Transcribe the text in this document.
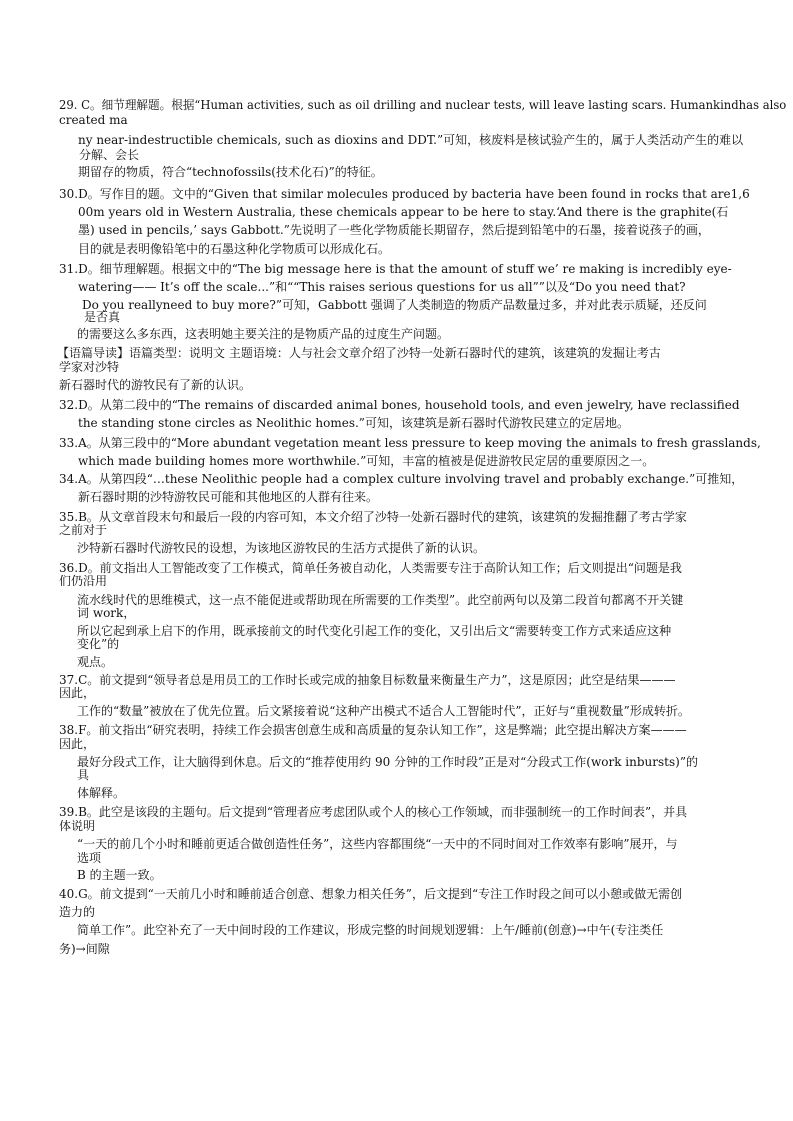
29. C。细节理解题。根据“Human activities, such as oil drilling and nuclear tests, will leave lasting scars. Humankindhas also
created ma
ny near-indestructible chemicals, such as dioxins and DDT.”可知，核废料是核试验产生的，属于人类活动产生的难以
分解、会长
期留存的物质，符合“technofossils(技术化石)”的特征。
30.D。写作目的题。文中的“Given that similar molecules produced by bacteria have been found in rocks that are1,6
00m years old in Western Australia, these chemicals appear to be here to stay.‘And there is the graphite(石
墨) used in pencils,’ says Gabbott.”先说明了一些化学物质能长期留存，然后提到铅笔中的石墨，接着说孩子的画，
目的就是表明像铅笔中的石墨这种化学物质可以形成化石。
31.D。细节理解题。根据文中的“The big message here is that the amount of stuff we’ re making is incredibly eye-
watering—— It’s off the scale...”和““This raises serious questions for us all””以及“Do you need that?
Do you reallyneed to buy more?”可知，Gabbott 强调了人类制造的物质产品数量过多，并对此表示质疑，还反问
是否真
的需要这么多东西，这表明她主要关注的是物质产品的过度生产问题。
【语篇导读】语篇类型：说明文 主题语境：人与社会文章介绍了沙特一处新石器时代的建筑，该建筑的发掘让考古
学家对沙特
新石器时代的游牧民有了新的认识。
32.D。从第二段中的“The remains of discarded animal bones, household tools, and even jewelry, have reclassified
the standing stone circles as Neolithic homes.”可知，该建筑是新石器时代游牧民建立的定居地。
33.A。从第三段中的“More abundant vegetation meant less pressure to keep moving the animals to fresh grasslands,
which made building homes more worthwhile.”可知，丰富的植被是促进游牧民定居的重要原因之一。
34.A。从第四段“…these Neolithic people had a complex culture involving travel and probably exchange.”可推知，
新石器时期的沙特游牧民可能和其他地区的人群有往来。
35.B。从文章首段末句和最后一段的内容可知，本文介绍了沙特一处新石器时代的建筑，该建筑的发掘推翻了考古学家
之前对于
沙特新石器时代游牧民的设想，为该地区游牧民的生活方式提供了新的认识。
36.D。前文指出人工智能改变了工作模式，简单任务被自动化，人类需要专注于高阶认知工作；后文则提出“问题是我
们仍沿用
流水线时代的思维模式，这一点不能促进或帮助现在所需要的工作类型”。此空前两句以及第二段首句都离不开关键
词 work，
所以它起到承上启下的作用，既承接前文的时代变化引起工作的变化，又引出后文“需要转变工作方式来适应这种
变化”的
观点。
37.C。前文提到“领导者总是用员工的工作时长或完成的抽象目标数量来衡量生产力”，这是原因；此空是结果———
因此，
工作的“数量”被放在了优先位置。后文紧接着说“这种产出模式不适合人工智能时代”，正好与“重视数量”形成转折。
38.F。前文指出“研究表明，持续工作会损害创意生成和高质量的复杂认知工作”，这是弊端；此空提出解决方案———
因此，
最好分段式工作，让大脑得到休息。后文的“推荐使用约 90 分钟的工作时段”正是对“分段式工作(work inbursts)”的
具
体解释。
39.B。此空是该段的主题句。后文提到“管理者应考虑团队或个人的核心工作领域，而非强制统一的工作时间表”，并具
体说明
“一天的前几个小时和睡前更适合做创造性任务”，这些内容都围绕“一天中的不同时间对工作效率有影响”展开，与
选项
B 的主题一致。
40.G。前文提到“一天前几小时和睡前适合创意、想象力相关任务”，后文提到“专注工作时段之间可以小憩或做无需创
造力的
简单工作”。此空补充了一天中间时段的工作建议，形成完整的时间规划逻辑：上午/睡前(创意)→中午(专注类任
务)→间隙
